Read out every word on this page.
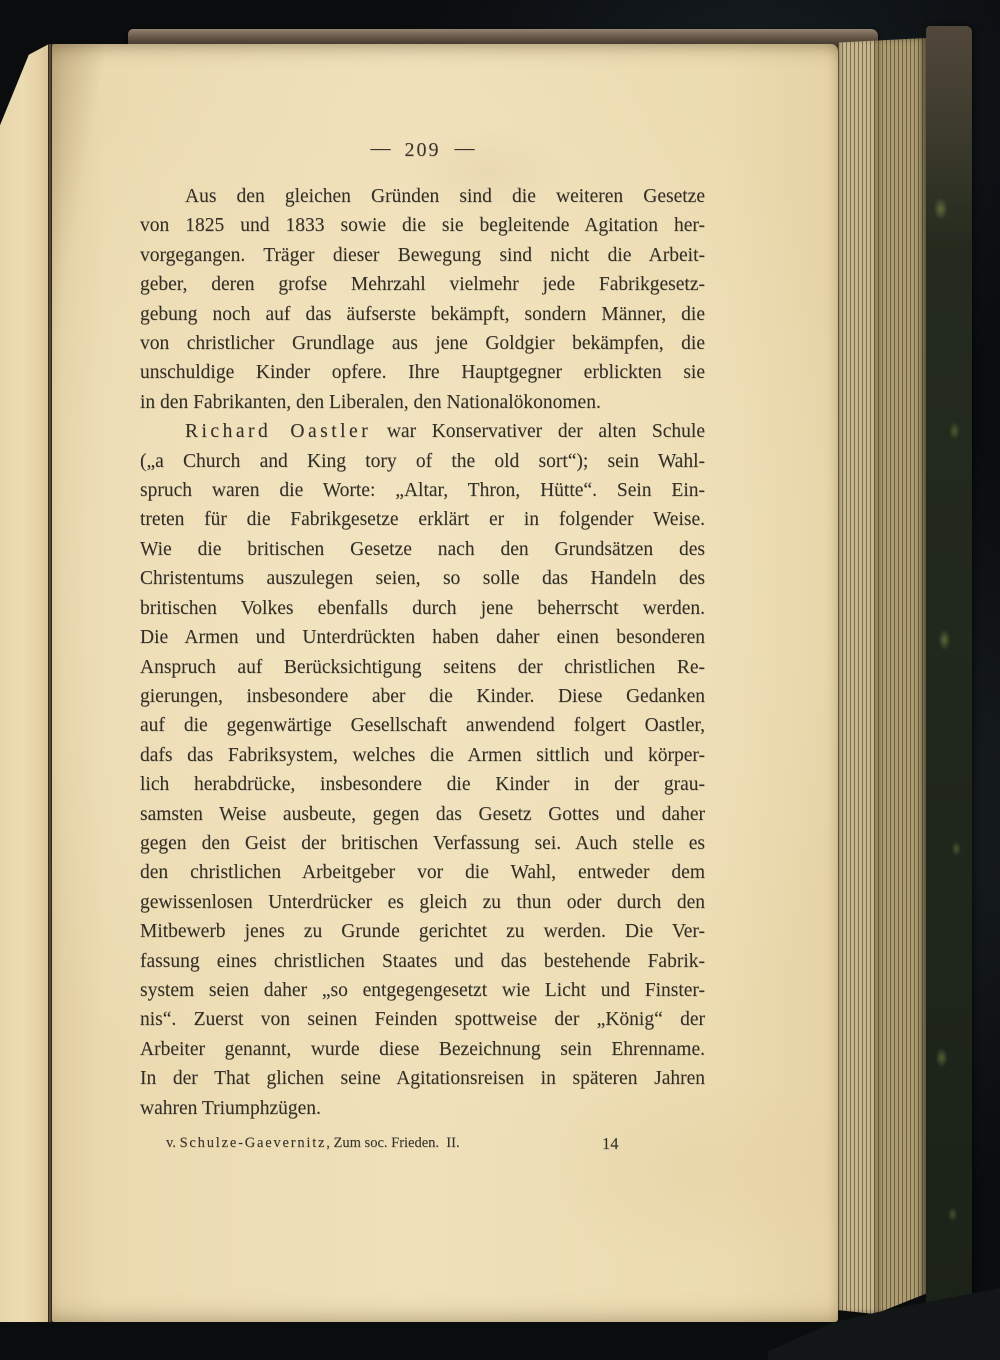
— 209 —
Aus den gleichen Gründen sind die weiteren Gesetze
von 1825 und 1833 sowie die sie begleitende Agitation her-
vorgegangen. Träger dieser Bewegung sind nicht die Arbeit-
geber, deren grofse Mehrzahl vielmehr jede Fabrikgesetz-
gebung noch auf das äufserste bekämpft, sondern Männer, die
von christlicher Grundlage aus jene Goldgier bekämpfen, die
unschuldige Kinder opfere. Ihre Hauptgegner erblickten sie
in den Fabrikanten, den Liberalen, den Nationalökonomen.
Richard Oastler war Konservativer der alten Schule
(„a Church and King tory of the old sort“); sein Wahl-
spruch waren die Worte: „Altar, Thron, Hütte“. Sein Ein-
treten für die Fabrikgesetze erklärt er in folgender Weise.
Wie die britischen Gesetze nach den Grundsätzen des
Christentums auszulegen seien, so solle das Handeln des
britischen Volkes ebenfalls durch jene beherrscht werden.
Die Armen und Unterdrückten haben daher einen besonderen
Anspruch auf Berücksichtigung seitens der christlichen Re-
gierungen, insbesondere aber die Kinder. Diese Gedanken
auf die gegenwärtige Gesellschaft anwendend folgert Oastler,
dafs das Fabriksystem, welches die Armen sittlich und körper-
lich herabdrücke, insbesondere die Kinder in der grau-
samsten Weise ausbeute, gegen das Gesetz Gottes und daher
gegen den Geist der britischen Verfassung sei. Auch stelle es
den christlichen Arbeitgeber vor die Wahl, entweder dem
gewissenlosen Unterdrücker es gleich zu thun oder durch den
Mitbewerb jenes zu Grunde gerichtet zu werden. Die Ver-
fassung eines christlichen Staates und das bestehende Fabrik-
system seien daher „so entgegengesetzt wie Licht und Finster-
nis“. Zuerst von seinen Feinden spottweise der „König“ der
Arbeiter genannt, wurde diese Bezeichnung sein Ehrenname.
In der That glichen seine Agitationsreisen in späteren Jahren
wahren Triumphzügen.
v. Schulze-Gaevernitz, Zum soc. Frieden. II.	14
